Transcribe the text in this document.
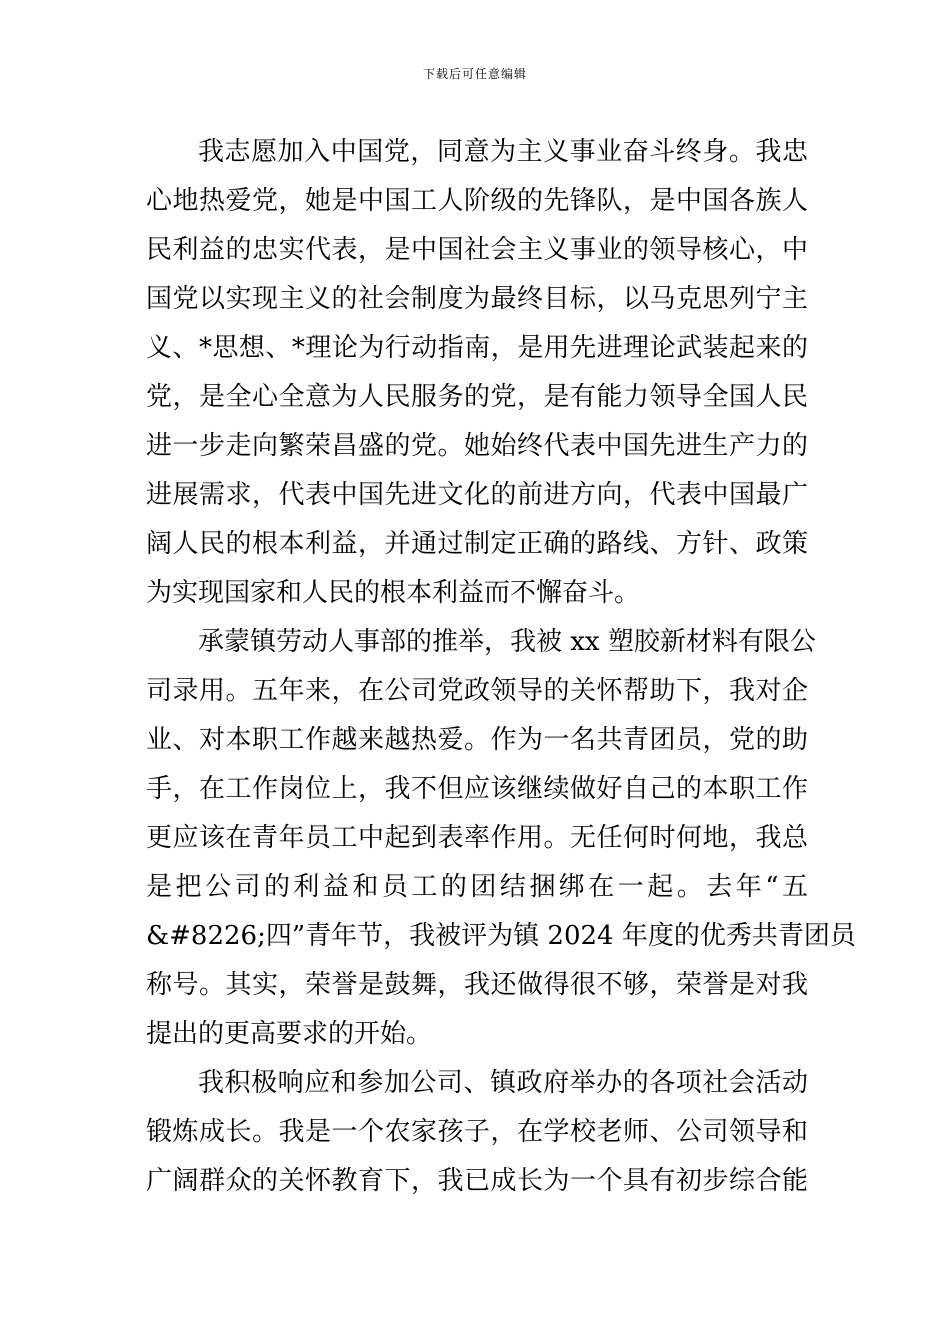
下载后可任意编辑
我志愿加入中国党，同意为主义事业奋斗终身。我忠
心地热爱党，她是中国工人阶级的先锋队，是中国各族人
民利益的忠实代表，是中国社会主义事业的领导核心，中
国党以实现主义的社会制度为最终目标，以马克思列宁主
义、*思想、*理论为行动指南，是用先进理论武装起来的
党，是全心全意为人民服务的党，是有能力领导全国人民
进一步走向繁荣昌盛的党。她始终代表中国先进生产力的
进展需求，代表中国先进文化的前进方向，代表中国最广
阔人民的根本利益，并通过制定正确的路线、方针、政策
为实现国家和人民的根本利益而不懈奋斗。
承蒙镇劳动人事部的推举，我被 xx 塑胶新材料有限公
司录用。五年来，在公司党政领导的关怀帮助下，我对企
业、对本职工作越来越热爱。作为一名共青团员，党的助
手，在工作岗位上，我不但应该继续做好自己的本职工作
更应该在青年员工中起到表率作用。无任何时何地，我总
是把公司的利益和员工的团结捆绑在一起。去年“五
&#8226;四”青年节，我被评为镇 2024 年度的优秀共青团员
称号。其实，荣誉是鼓舞，我还做得很不够，荣誉是对我
提出的更高要求的开始。
我积极响应和参加公司、镇政府举办的各项社会活动
锻炼成长。我是一个农家孩子，在学校老师、公司领导和
广阔群众的关怀教育下，我已成长为一个具有初步综合能
